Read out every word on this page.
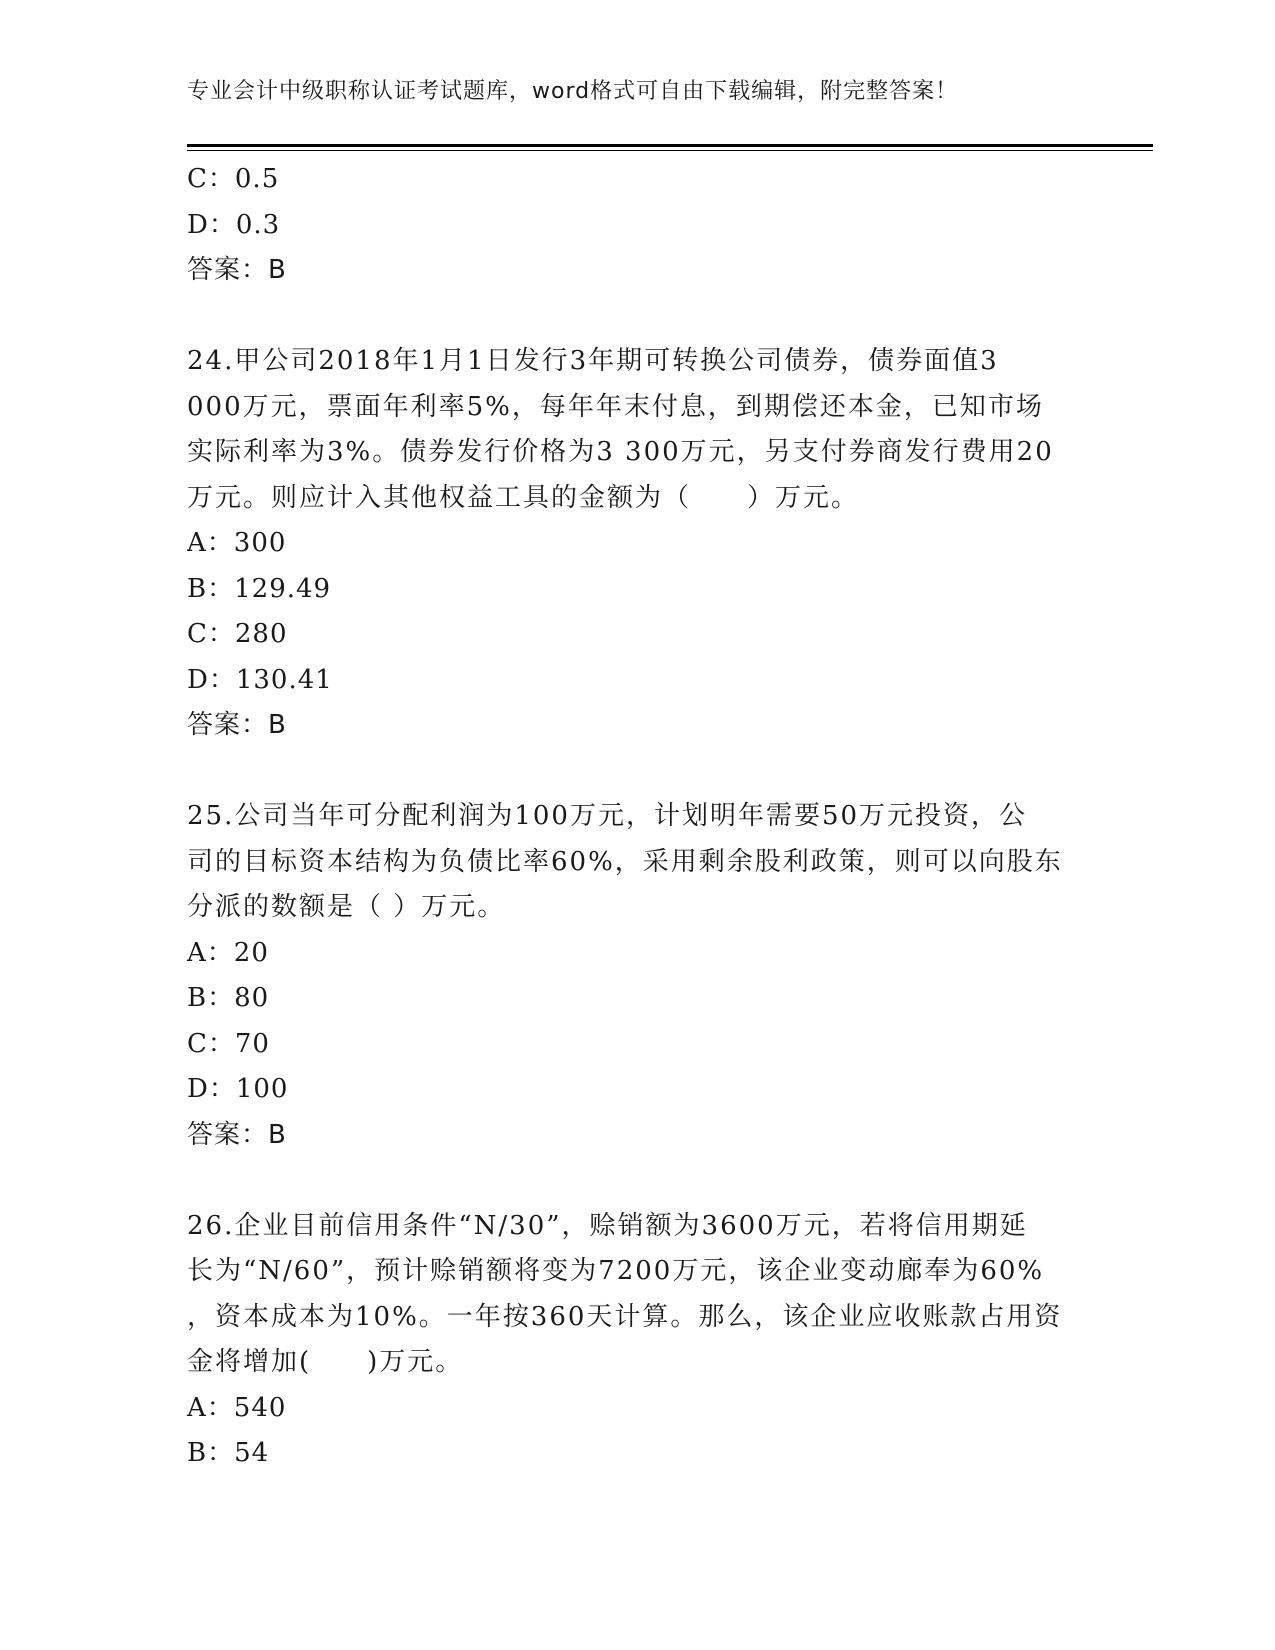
专业会计中级职称认证考试题库，word格式可自由下载编辑，附完整答案！
C：0.5
D：0.3
答案：B
24.甲公司2018年1月1日发行3年期可转换公司债券，债券面值3
000万元，票面年利率5%，每年年末付息，到期偿还本金，已知市场
实际利率为3%。债券发行价格为3 300万元，另支付券商发行费用20
万元。则应计入其他权益工具的金额为（　　）万元。
A：300
B：129.49
C：280
D：130.41
答案：B
25.公司当年可分配利润为100万元，计划明年需要50万元投资，公
司的目标资本结构为负债比率60%，采用剩余股利政策，则可以向股东
分派的数额是（ ）万元。
A：20
B：80
C：70
D：100
答案：B
26.企业目前信用条件“N/30”，赊销额为3600万元，若将信用期延
长为“N/60”，预计赊销额将变为7200万元，该企业变动廊奉为60%
，资本成本为10%。一年按360天计算。那么，该企业应收账款占用资
金将增加(　　)万元。
A：540
B：54
